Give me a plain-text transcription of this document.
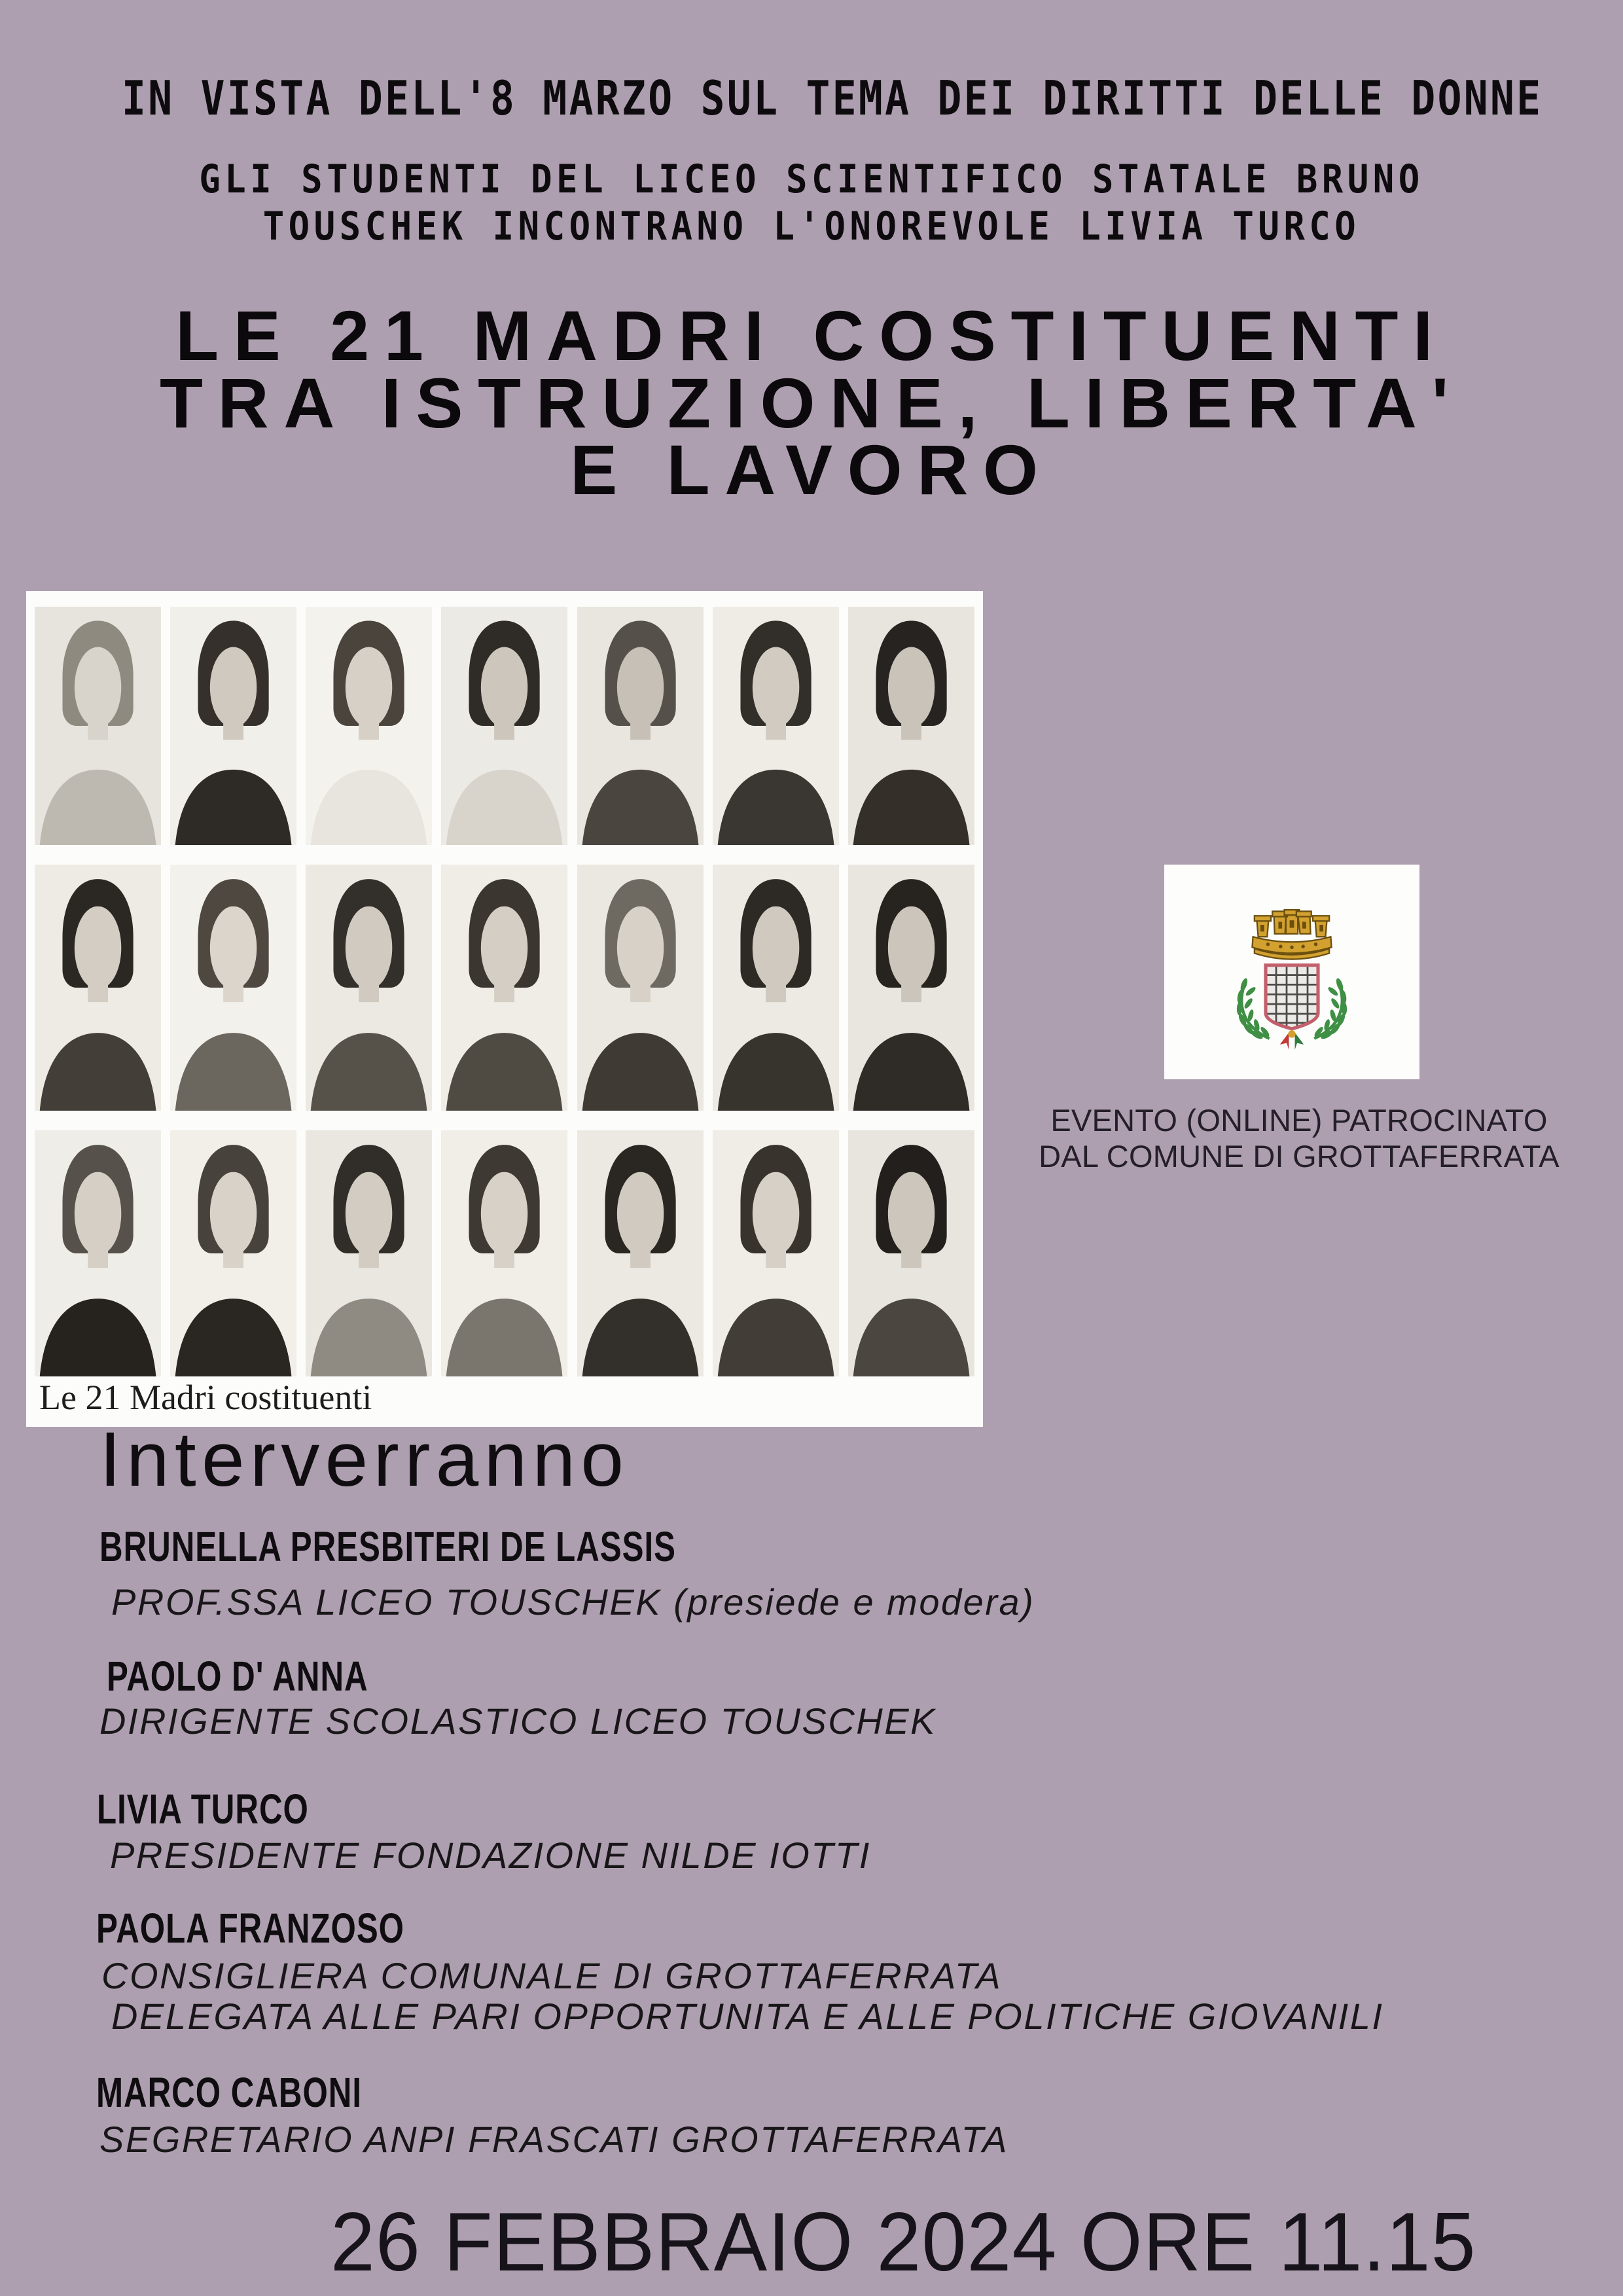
IN VISTA DELL'8 MARZO SUL TEMA DEI DIRITTI DELLE DONNE
GLI STUDENTI DEL LICEO SCIENTIFICO STATALE BRUNO
TOUSCHEK INCONTRANO L'ONOREVOLE LIVIA TURCO
LE 21 MADRI COSTITUENTI
TRA ISTRUZIONE, LIBERTA'
E LAVORO
Le 21 Madri costituenti
EVENTO (ONLINE) PATROCINATO
DAL COMUNE DI GROTTAFERRATA
Interverranno
BRUNELLA PRESBITERI DE LASSIS
PROF.SSA LICEO TOUSCHEK (presiede e modera)
PAOLO D' ANNA
DIRIGENTE SCOLASTICO LICEO TOUSCHEK
LIVIA TURCO
PRESIDENTE FONDAZIONE NILDE IOTTI
PAOLA FRANZOSO
CONSIGLIERA COMUNALE DI GROTTAFERRATA
DELEGATA ALLE PARI OPPORTUNITA E ALLE POLITICHE GIOVANILI
MARCO CABONI
SEGRETARIO ANPI FRASCATI GROTTAFERRATA
26 FEBBRAIO 2024 ORE 11.15
